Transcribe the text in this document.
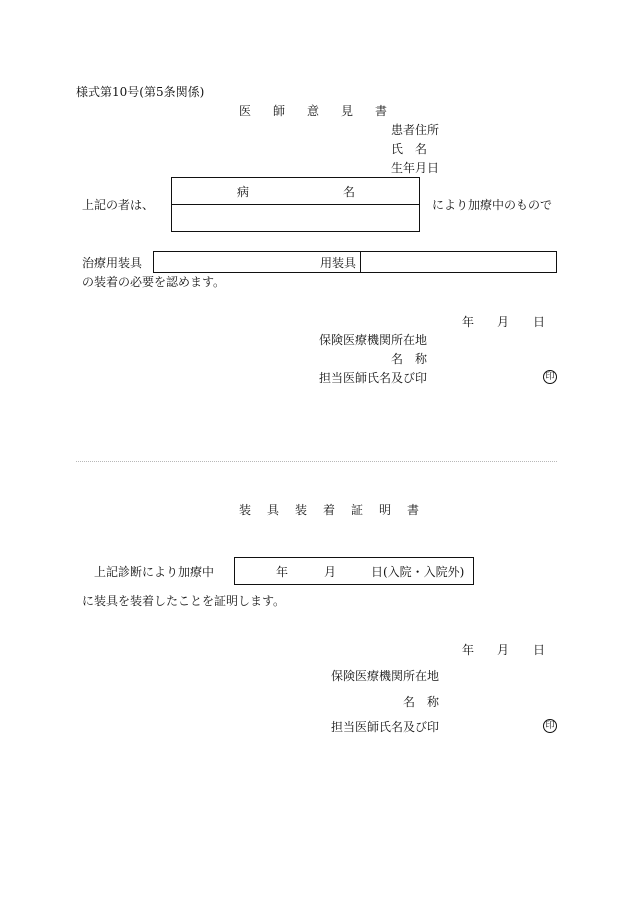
様式第10号(第5条関係)
医師意見書
患者住所
氏　名
生年月日
上記の者は、
病	名
により加療中のもので
治療用装具	用装具
の装着の必要を認めます。
年 月 日
保険医療機関所在地
名　称
担当医師氏名及び印	印
装具装着証明書
上記診断により加療中	年	月	日(入院・入院外)
に装具を装着したことを証明します。
年 月 日
保険医療機関所在地
名　称
担当医師氏名及び印	印
